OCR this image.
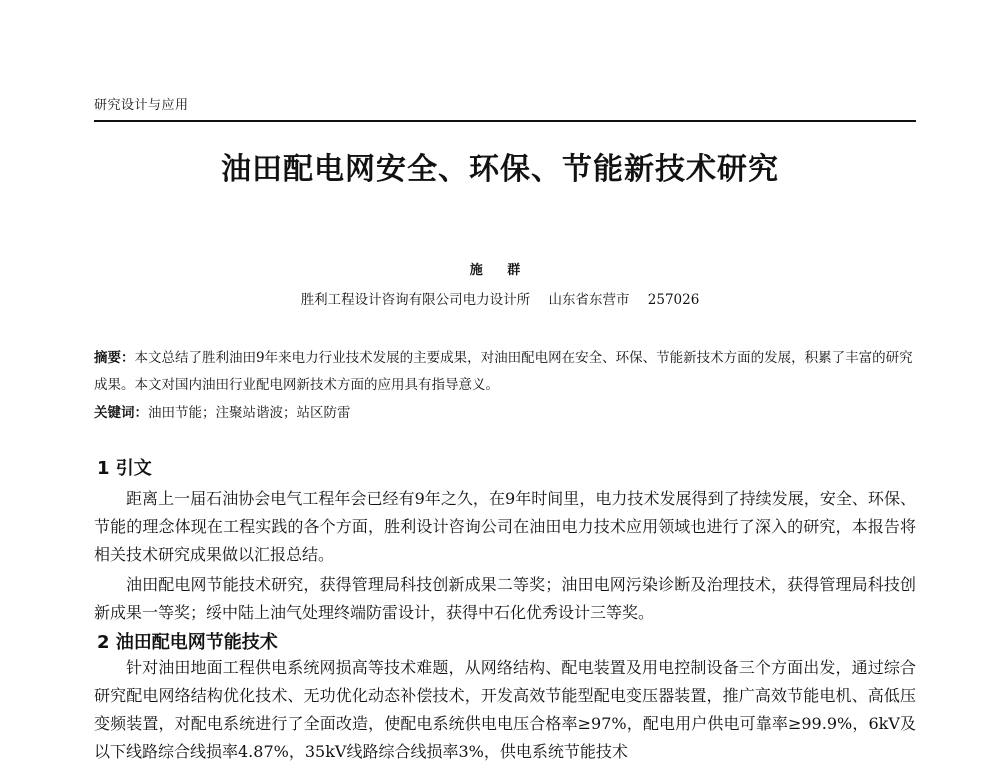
研究设计与应用
油田配电网安全、环保、节能新技术研究
施 群
胜利工程设计咨询有限公司电力设计所 山东省东营市 257026
摘要：本文总结了胜利油田9年来电力行业技术发展的主要成果，对油田配电网在安全、环保、节能新技术方面的发展，积累了丰富的研究成果。本文对国内油田行业配电网新技术方面的应用具有指导意义。
关键词：油田节能；注聚站谐波；站区防雷
1 引文
距离上一届石油协会电气工程年会已经有9年之久，在9年时间里，电力技术发展得到了持续发展，安全、环保、节能的理念体现在工程实践的各个方面，胜利设计咨询公司在油田电力技术应用领域也进行了深入的研究，本报告将相关技术研究成果做以汇报总结。
油田配电网节能技术研究，获得管理局科技创新成果二等奖；油田电网污染诊断及治理技术，获得管理局科技创新成果一等奖；绥中陆上油气处理终端防雷设计，获得中石化优秀设计三等奖。
2 油田配电网节能技术
针对油田地面工程供电系统网损高等技术难题，从网络结构、配电装置及用电控制设备三个方面出发，通过综合研究配电网络结构优化技术、无功优化动态补偿技术，开发高效节能型配电变压器装置，推广高效节能电机、高低压变频装置，对配电系统进行了全面改造，使配电系统供电电压合格率≥97%，配电用户供电可靠率≥99.9%，6kV及以下线路综合线损率4.87%，35kV线路综合线损率3%，供电系统节能技术
